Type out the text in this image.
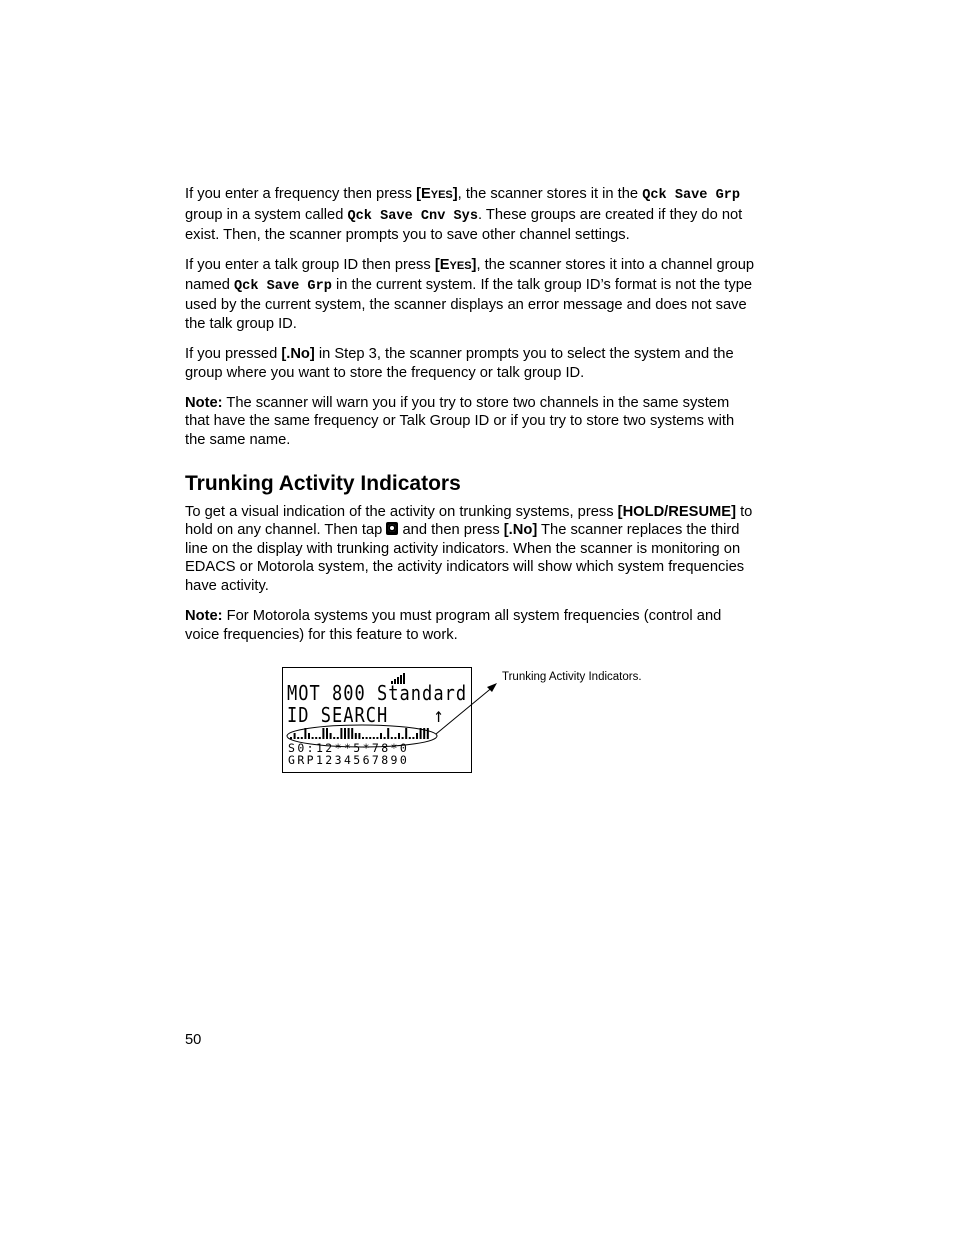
If you enter a frequency then press [EYES], the scanner stores it in the Qck Save Grp group in a system called Qck Save Cnv Sys. These groups are created if they do not exist. Then, the scanner prompts you to save other channel settings.

If you enter a talk group ID then press [EYES], the scanner stores it into a channel group named Qck Save Grp in the current system. If the talk group ID’s format is not the type used by the current system, the scanner displays an error message and does not save the talk group ID.

If you pressed [.No] in Step 3, the scanner prompts you to select the system and the group where you want to store the frequency or talk group ID.

Note: The scanner will warn you if you try to store two channels in the same system that have the same frequency or Talk Group ID or if you try to store two systems with the same name.

Trunking Activity Indicators

To get a visual indication of the activity on trunking systems, press [HOLD/RESUME] to hold on any channel. Then tap  and then press [.No] The scanner replaces the third line on the display with trunking activity indicators. When the scanner is monitoring on EDACS or Motorola system, the activity indicators will show which system frequencies have activity.

Note: For Motorola systems you must program all system frequencies (control and voice frequencies) for this feature to work.

MOT 800 Standard
ID SEARCH    ↑
S0:12**5*78*0
GRP1234567890
Trunking Activity Indicators.
50
